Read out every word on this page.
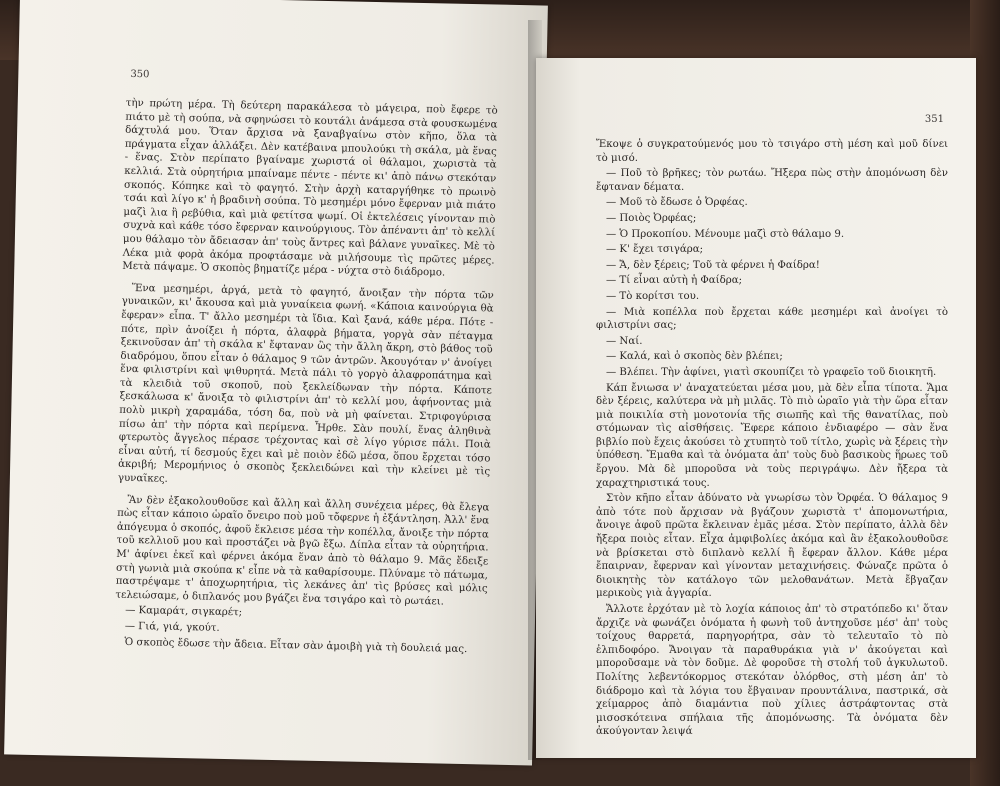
350

τὴν πρώτη μέρα. Τὴ δεύτερη παρακάλεσα τὸ μάγειρα, ποὺ ἔφερε τὸ πιάτο μὲ τὴ σούπα, νὰ σφηνώσει τὸ κουτάλι ἀνάμεσα στὰ φουσκωμένα δάχτυλά μου. Ὅταν ἄρχισα νὰ ξαναβγαίνω στὸν κῆπο, ὅλα τὰ πράγματα εἶχαν ἀλλάξει. Δὲν κατέβαινα μπουλούκι τὴ σκάλα, μὰ ἕνας - ἕνας. Στὸν περίπατο βγαίναμε χωριστά οἱ θάλαμοι, χωριστὰ τὰ κελλιά. Στὰ οὐρητήρια μπαίναμε πέντε - πέντε κι' ἀπὸ πάνω στεκόταν σκοπός. Κόπηκε καὶ τὸ φαγητό. Στὴν ἀρχὴ καταργήθηκε τὸ πρωινὸ τσάι καὶ λίγο κ' ἡ βραδινὴ σούπα. Τὸ μεσημέρι μόνο ἔφερναν μιὰ πιάτο μαζὶ λια ἢ ρεβύθια, καὶ μιὰ φετίτσα ψωμί. Οἱ ἐκτελέσεις γίνονταν πιὸ συχνὰ καὶ κάθε τόσο ἔφερναν καινούργιους. Τὸν ἀπέναντι ἀπ' τὸ κελλί μου θάλαμο τὸν ἄδειασαν ἀπ' τοὺς ἄντρες καὶ βάλανε γυναῖκες. Μὲ τὸ Λέκα μιὰ φορὰ ἀκόμα προφτάσαμε νὰ μιλήσουμε τὶς πρῶτες μέρες. Μετὰ πάψαμε. Ὁ σκοπὸς βηματίζε μέρα - νύχτα στὸ διάδρομο.

Ἕνα μεσημέρι, ἀργά, μετὰ τὸ φαγητό, ἄνοιξαν τὴν πόρτα τῶν γυναικῶν, κι' ἄκουσα καὶ μιὰ γυναίκεια φωνή. «Κάποια καινούργια θὰ ἔφεραν» εἶπα. Τ' ἄλλο μεσημέρι τὰ ἴδια. Καὶ ξανά, κάθε μέρα. Πότε - πότε, πρὶν ἀνοίξει ἡ πόρτα, ἀλαφρὰ βήματα, γοργὰ σὰν πέταγμα ξεκινοῦσαν ἀπ' τὴ σκάλα κ' ἔφταναν ὣς τὴν ἄλλη ἄκρη, στὸ βάθος τοῦ διαδρόμου, ὅπου εἶταν ὁ θάλαμος 9 τῶν ἀντρῶν. Ἀκουγόταν ν' ἀνοίγει ἕνα φιλιστρίνι καὶ ψιθυρητά. Μετὰ πάλι τὸ γοργὸ ἀλαφροπάτημα καὶ τὰ κλειδιὰ τοῦ σκοποῦ, ποὺ ξεκλείδωναν τὴν πόρτα. Κάποτε ξεσκάλωσα κ' ἄνοιξα τὸ φιλιστρίνι ἀπ' τὸ κελλί μου, ἀφήνοντας μιὰ πολὺ μικρὴ χαραμάδα, τόση δα, ποὺ νὰ μὴ φαίνεται. Στριφογύρισα πίσω ἀπ' τὴν πόρτα καὶ περίμενα. Ἦρθε. Σὰν πουλί, ἕνας ἀληθινὰ φτερωτὸς ἄγγελος πέρασε τρέχοντας καὶ σὲ λίγο γύρισε πάλι. Ποιὰ εἶναι αὐτή, τί δεσμούς ἔχει καὶ μὲ ποιὸν ἐδῶ μέσα, ὅπου ἔρχεται τόσο ἀκριβή; Μερομήνιος ὁ σκοπὸς ξεκλειδώνει καὶ τὴν κλείνει μὲ τὶς γυναῖκες.

Ἂν δὲν ἐξακολουθοῦσε καὶ ἄλλη καὶ ἄλλη συνέχεια μέρες, θὰ ἔλεγα πὼς εἶταν κάποιο ὡραῖο ὄνειρο ποὺ μοῦ τὄφερνε ἡ ἐξάντληση. Ἀλλ' ἕνα ἀπόγευμα ὁ σκοπός, ἀφοῦ ἔκλεισε μέσα τὴν κοπέλλα, ἄνοιξε τὴν πόρτα τοῦ κελλιοῦ μου καὶ προστάζει νὰ βγῶ ἔξω. Δίπλα εἶταν τὰ οὐρητήρια. Μ' ἀφίνει ἐκεῖ καὶ φέρνει ἀκόμα ἕναν ἀπὸ τὸ θάλαμο 9. Μᾶς ἔδειξε στὴ γωνιὰ μιὰ σκούπα κ' εἶπε νὰ τὰ καθαρίσουμε. Πλύναμε τὸ πάτωμα, παστρέψαμε τ' ἀποχωρητήρια, τὶς λεκάνες ἀπ' τὶς βρύσες καὶ μόλις τελειώσαμε, ὁ διπλανός μου βγάζει ἕνα τσιγάρο καὶ τὸ ρωτάει.

— Καμαράτ, σιγκαρέτ;

— Γιά, γιά, γκούτ.

Ὁ σκοπὸς ἔδωσε τὴν ἄδεια. Εἶταν σὰν ἀμοιβὴ γιὰ τὴ δουλειά μας.

351

Ἔκοψε ὁ συγκρατούμενός μου τὸ τσιγάρο στὴ μέση καὶ μοῦ δίνει τὸ μισό.

— Ποῦ τὸ βρῆκες; τὸν ρωτάω. Ἤξερα πὼς στὴν ἀπομόνωση δὲν ἔφταναν δέματα.

— Μοῦ τὸ ἔδωσε ὁ Ὀρφέας.

— Ποιὸς Ὀρφέας;

— Ὁ Προκοπίου. Μένουμε μαζὶ στὸ θάλαμο 9.

— Κ' ἔχει τσιγάρα;

— Ἄ, δὲν ξέρεις; Τοῦ τὰ φέρνει ἡ Φαίδρα!

— Τί εἶναι αὐτὴ ἡ Φαίδρα;

— Τὸ κορίτσι του.

— Μιὰ κοπέλλα ποὺ ἔρχεται κάθε μεσημέρι καὶ ἀνοίγει τὸ φιλιστρίνι σας;

— Ναί.

— Καλά, καὶ ὁ σκοπὸς δὲν βλέπει;

— Βλέπει. Τὴν ἀφίνει, γιατὶ σκουπίζει τὸ γραφεῖο τοῦ διοικητῆ.

Κάπ ἔνιωσα ν' ἀναχατεύεται μέσα μου, μὰ δὲν εἶπα τίποτα. Ἅμα δὲν ξέρεις, καλύτερα νὰ μὴ μιλᾶς. Τὸ πιὸ ὡραῖο γιὰ τὴν ὥρα εἶταν μιὰ ποικιλία στὴ μονοτονία τῆς σιωπῆς καὶ τῆς θανατίλας, ποὺ στόμωναν τὶς αἰσθήσεις. Ἔφερε κάποιο ἐνδιαφέρο — σὰν ἕνα βιβλίο ποὺ ἔχεις ἀκούσει τὸ χτυπητὸ τοῦ τίτλο, χωρὶς νὰ ξέρεις τὴν ὑπόθεση. Ἔμαθα καὶ τὰ ὀνόματα ἀπ' τοὺς δυὸ βασικοὺς ἥρωες τοῦ ἔργου. Μὰ δὲ μποροῦσα νὰ τοὺς περιγράψω. Δὲν ἤξερα τὰ χαραχτηριστικά τους.

Στὸν κῆπο εἶταν ἀδύνατο νὰ γνωρίσω τὸν Ὀρφέα. Ὁ θάλαμος 9 ἀπὸ τότε ποὺ ἄρχισαν νὰ βγάζουν χωριστὰ τ' ἀπομονωτήρια, ἄνοιγε ἀφοῦ πρῶτα ἔκλειναν ἐμᾶς μέσα. Στὸν περίπατο, ἀλλὰ δὲν ἤξερα ποιὸς εἶταν. Εἶχα ἀμφιβολίες ἀκόμα καὶ ἂν ἐξακολουθοῦσε νὰ βρίσκεται στὸ διπλανὸ κελλί ἢ ἔφεραν ἄλλον. Κάθε μέρα ἔπαιρναν, ἔφερναν καὶ γίνονταν μεταχινήσεις. Φώναζε πρῶτα ὁ διοικητὴς τὸν κατάλογο τῶν μελοθανάτων. Μετὰ ἔβγαζαν μερικοὺς γιὰ ἀγγαρία.

Ἄλλοτε ἐρχόταν μὲ τὸ λοχία κάποιος ἀπ' τὸ στρατόπεδο κι' ὅταν ἄρχιζε νὰ φωνάζει ὀνόματα ἡ φωνὴ τοῦ ἀντηχοῦσε μέσ' ἀπ' τοὺς τοίχους θαρρετά, παρηγορήτρα, σὰν τὸ τελευταῖο τὸ πὸ ἐλπιδοφόρο. Ἄνοιγαν τὰ παραθυράκια γιὰ ν' ἀκούγεται καὶ μποροῦσαμε νὰ τὸν δοῦμε. Δὲ φοροῦσε τὴ στολή τοῦ ἀγκυλωτοῦ. Πολίτης λεβεντόκορμος στεκόταν ὀλόρθος, στὴ μέση ἀπ' τὸ διάδρομο καὶ τὰ λόγια του ἔβγαιναν προυντάλινα, παστρικά, σὰ χείμαρρος ἀπὸ διαμάντια ποὺ χίλιες ἀστράφτοντας στὰ μισοσκότεινα σπήλαια τῆς ἀπομόνωσης. Τὰ ὀνόματα δὲν ἀκούγονταν λειψά
